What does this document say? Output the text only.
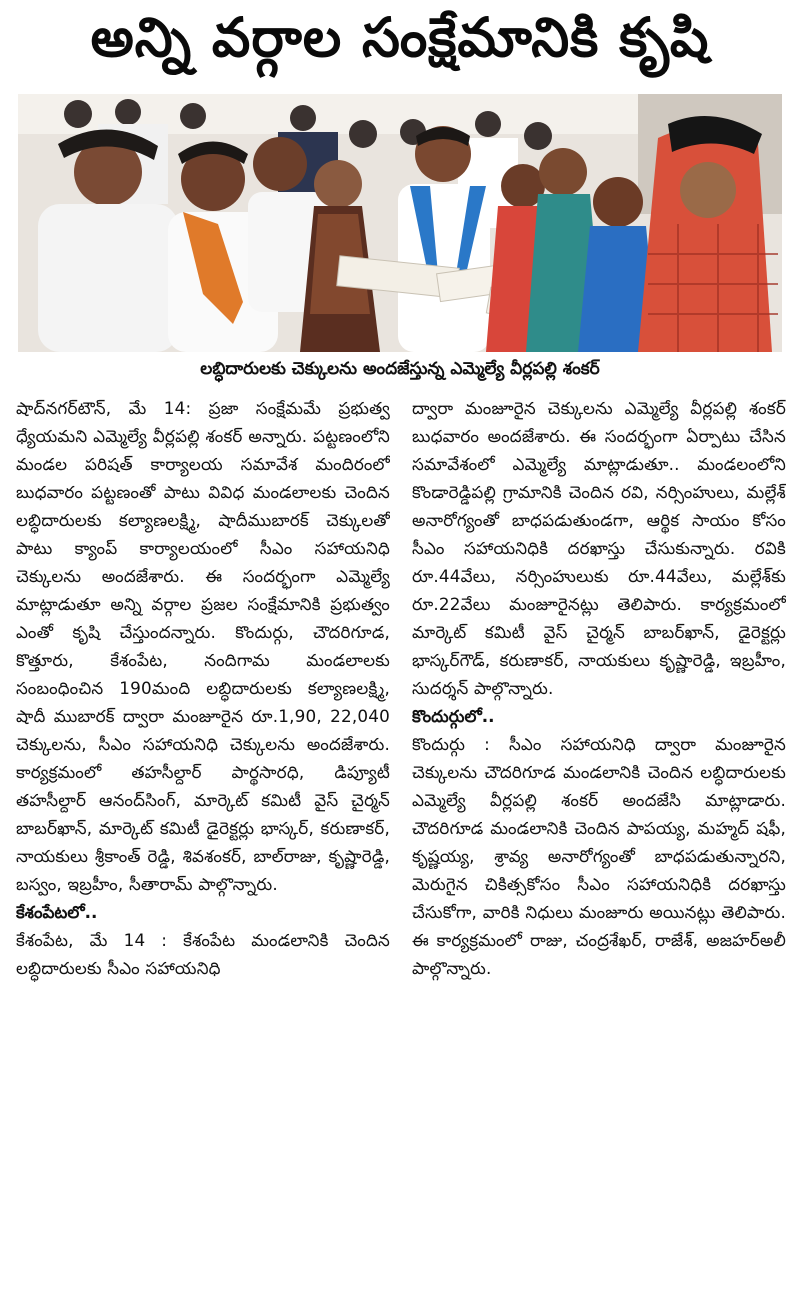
అన్ని వర్గాల సంక్షేమానికి కృషి
లబ్ధిదారులకు చెక్కులను అందజేస్తున్న ఎమ్మెల్యే వీర్లపల్లి శంకర్

షాద్‌నగర్‌టౌన్, మే 14: ప్రజా సంక్షేమమే ప్రభుత్వ ధ్యేయమని ఎమ్మెల్యే వీర్లపల్లి శంకర్ అన్నారు. పట్టణంలోని మండల పరిషత్ కార్యాలయ సమావేశ మందిరంలో బుధవారం పట్టణంతో పాటు వివిధ మండలాలకు చెందిన లబ్ధిదారులకు కల్యాణలక్ష్మి, షాదీముబారక్ చెక్కులతో పాటు క్యాంప్ కార్యాలయంలో సీఎం సహాయనిధి చెక్కులను అందజేశారు. ఈ సందర్భంగా ఎమ్మెల్యే మాట్లాడుతూ అన్ని వర్గాల ప్రజల సంక్షేమానికి ప్రభుత్వం ఎంతో కృషి చేస్తుందన్నారు. కొందుర్గు, చౌదరిగూడ, కొత్తూరు, కేశంపేట, నందిగామ మండలాలకు సంబంధించిన 190మంది లబ్ధిదారులకు కల్యాణలక్ష్మి, షాదీ ముబారక్ ద్వారా మంజూరైన రూ.1,90, 22,040 చెక్కులను, సీఎం సహాయనిధి చెక్కులను అందజేశారు. కార్యక్రమంలో తహసీల్దార్ పార్థసారధి, డిప్యూటీ తహసీల్దార్ ఆనంద్‌సింగ్, మార్కెట్ కమిటీ వైస్ చైర్మన్ బాబర్‌ఖాన్, మార్కెట్ కమిటీ డైరెక్టర్లు భాస్కర్, కరుణాకర్, నాయకులు శ్రీకాంత్ రెడ్డి, శివశంకర్, బాల్‌రాజు, కృష్ణారెడ్డి, బస్వం, ఇబ్రహీం, సీతారామ్ పాల్గొన్నారు.

కేశంపేటలో..

కేశంపేట, మే 14 : కేశంపేట మండలానికి చెందిన లబ్ధిదారులకు సీఎం సహాయనిధి

ద్వారా మంజూరైన చెక్కులను ఎమ్మెల్యే వీర్లపల్లి శంకర్ బుధవారం అందజేశారు. ఈ సందర్భంగా ఏర్పాటు చేసిన సమావేశంలో ఎమ్మెల్యే మాట్లాడుతూ.. మండలంలోని కొండారెడ్డిపల్లి గ్రామానికి చెందిన రవి, నర్సింహులు, మల్లేశ్ అనారోగ్యంతో బాధపడుతుండగా, ఆర్థిక సాయం కోసం సీఎం సహాయనిధికి దరఖాస్తు చేసుకున్నారు. రవికి రూ.44వేలు, నర్సింహులుకు రూ.44వేలు, మల్లేశ్‌కు రూ.22వేలు మంజూరైనట్లు తెలిపారు. కార్యక్రమంలో మార్కెట్ కమిటీ వైస్ చైర్మన్ బాబర్‌ఖాన్, డైరెక్టర్లు భాస్కర్‌గౌడ్, కరుణాకర్, నాయకులు కృష్ణారెడ్డి, ఇబ్రహీం, సుదర్శన్ పాల్గొన్నారు.

కొందుర్గులో..

కొందుర్గు : సీఎం సహాయనిధి ద్వారా మంజూరైన చెక్కులను చౌదరిగూడ మండలానికి చెందిన లబ్ధిదారులకు ఎమ్మెల్యే వీర్లపల్లి శంకర్ అందజేసి మాట్లాడారు. చౌదరిగూడ మండలానికి చెందిన పాపయ్య, మహ్మద్ షఫీ, కృష్ణయ్య, శ్రావ్య అనారోగ్యంతో బాధపడుతున్నారని, మెరుగైన చికిత్సకోసం సీఎం సహాయనిధికి దరఖాస్తు చేసుకోగా, వారికి నిధులు మంజూరు అయినట్లు తెలిపారు. ఈ కార్యక్రమంలో రాజు, చంద్రశేఖర్, రాజేశ్, అజహర్అలీ పాల్గొన్నారు.
